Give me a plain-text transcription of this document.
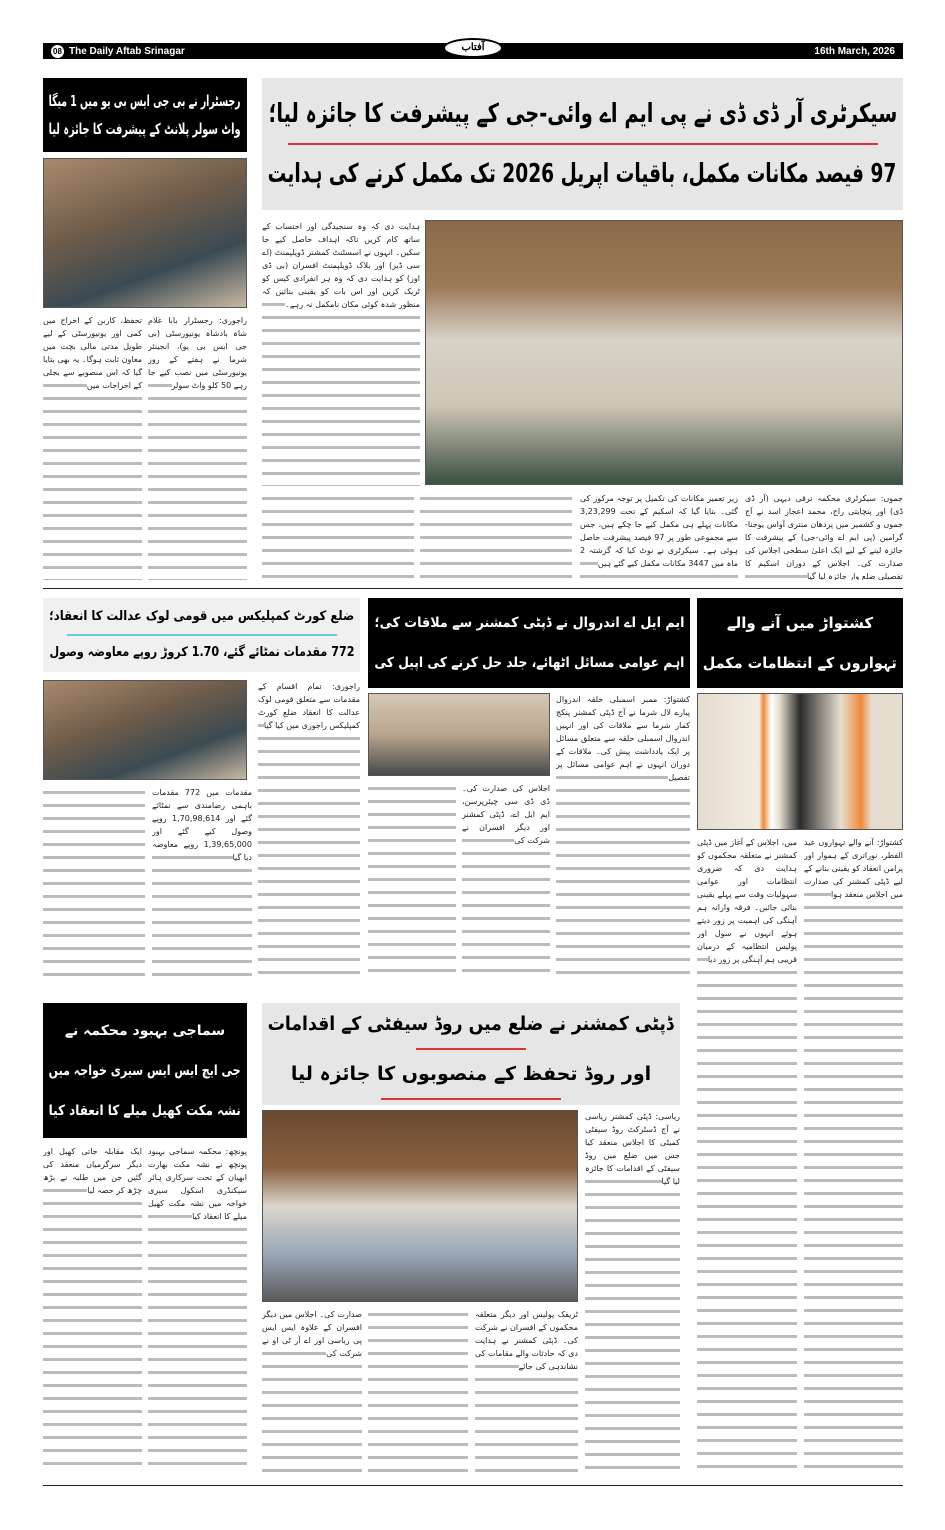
08 The Daily Aftab Srinagar	آفتاب	16th March, 2026
رجسٹرار نے بی جی ایس بی یو میں 1 میگا
واٹ سولر پلانٹ کے پیشرفت کا جائزہ لیا
راجوری: رجسٹرار بابا غلام شاہ بادشاہ یونیورسٹی (بی جی ایس بی یو)، انجینئر شرما نے ہفتے کے روز یونیورسٹی میں نصب کیے جا رہے 50 کلو واٹ سولر
تحفظ، کاربن کے اخراج میں کمی اور یونیورسٹی کے لیے طویل مدتی مالی بچت میں معاون ثابت ہوگا۔ یہ بھی بتایا گیا کہ اس منصوبے سے بجلی کے اخراجات میں
سیکرٹری آر ڈی ڈی نے پی ایم اے وائی-جی کے پیشرفت کا جائزہ لیا؛
97 فیصد مکانات مکمل، باقیات اپریل 2026 تک مکمل کرنے کی ہدایت
ہدایت دی کہ وہ سنجیدگی اور احتساب کے ساتھ کام کریں تاکہ اہداف حاصل کیے جا سکیں۔ انہوں نے اسسٹنٹ کمشنر ڈویلپمنٹ (اے سی ڈیز) اور بلاک ڈویلپمنٹ افسران (بی ڈی اوز) کو ہدایت دی کہ وہ ہر انفرادی کیس کو ٹریک کریں اور اس بات کو یقینی بنائیں کہ منظور شدہ کوئی مکان نامکمل نہ رہے۔
جموں: سیکرٹری محکمہ ترقی دیہی (آر ڈی ڈی) اور پنچایتی راج، محمد اعجاز اسد نے آج جموں و کشمیر میں پردھان منتری آواس یوجنا-گرامین (پی ایم اے وائی-جی) کے پیشرفت کا جائزہ لینے کے لیے ایک اعلیٰ سطحی اجلاس کی صدارت کی۔ اجلاس کے دوران اسکیم کا تفصیلی ضلع وار جائزہ لیا گیا
زیر تعمیر مکانات کی تکمیل پر توجہ مرکوز کی گئی۔ بتایا گیا کہ اسکیم کے تحت 3,23,299 مکانات پہلے ہی مکمل کیے جا چکے ہیں، جس سے مجموعی طور پر 97 فیصد پیشرفت حاصل ہوئی ہے۔ سیکرٹری نے نوٹ کیا کہ گزشتہ 2 ماہ میں 3447 مکانات مکمل کیے گئے ہیں
ضلع کورٹ کمپلیکس میں قومی لوک عدالت کا انعقاد؛
772 مقدمات نمٹائے گئے، 1.70 کروڑ روپے معاوضہ وصول
راجوری: تمام اقسام کے مقدمات سے متعلق قومی لوک عدالت کا انعقاد ضلع کورٹ کمپلیکس راجوری میں کیا گیا
مقدمات میں 772 مقدمات باہمی رضامندی سے نمٹائے گئے اور 1,70,98,614 روپے وصول کیے گئے اور 1,39,65,000 روپے معاوضہ دیا گیا
ایم ایل اے اندروال نے ڈپٹی کمشنر سے ملاقات کی؛
اہم عوامی مسائل اٹھائے، جلد حل کرنے کی اپیل کی
کشتواڑ: ممبر اسمبلی حلقہ اندروال پیارے لال شرما نے آج ڈپٹی کمشنر پنکج کمار شرما سے ملاقات کی اور انہیں اندروال اسمبلی حلقہ سے متعلق مسائل پر ایک یادداشت پیش کی۔ ملاقات کے دوران انہوں نے اہم عوامی مسائل پر تفصیل
اجلاس کی صدارت کی۔ ڈی ڈی سی چیئرپرسن، ایم ایل اے، ڈپٹی کمشنر اور دیگر افسران نے شرکت کی
کشتواڑ میں آنے والے
تہواروں کے انتظامات مکمل
کشتواڑ: آنے والے تہواروں عید الفطر، نوراتری کے ہموار اور پرامن انعقاد کو یقینی بنانے کے لیے ڈپٹی کمشنر کی صدارت میں اجلاس منعقد ہوا
میں، اجلاس کے آغاز میں ڈپٹی کمشنر نے متعلقہ محکموں کو ہدایت دی کہ ضروری انتظامات اور عوامی سہولیات وقت سے پہلے یقینی بنائی جائیں۔ فرقہ وارانہ ہم آہنگی کی اہمیت پر زور دیتے ہوئے انہوں نے سول اور پولیس انتظامیہ کے درمیان قریبی ہم آہنگی پر زور دیا
سماجی بہبود محکمہ نے
جی ایچ ایس ایس سیری خواجہ میں
نشہ مکت کھیل میلے کا انعقاد کیا
پونچھ: محکمہ سماجی بہبود پونچھ نے نشہ مکت بھارت ابھیان کے تحت سرکاری ہائر سیکنڈری اسکول سیری خواجہ میں نشہ مکت کھیل میلے کا انعقاد کیا
ایک مقابلہ جاتی کھیل اور دیگر سرگرمیاں منعقد کی گئیں جن میں طلبہ نے بڑھ چڑھ کر حصہ لیا
ڈپٹی کمشنر نے ضلع میں روڈ سیفٹی کے اقدامات
اور روڈ تحفظ کے منصوبوں کا جائزہ لیا
ریاسی: ڈپٹی کمشنر ریاسی نے آج ڈسٹرکٹ روڈ سیفٹی کمیٹی کا اجلاس منعقد کیا جس میں ضلع میں روڈ سیفٹی کے اقدامات کا جائزہ لیا گیا
ٹریفک پولیس اور دیگر متعلقہ محکموں کے افسران نے شرکت کی۔ ڈپٹی کمشنر نے ہدایت دی کہ حادثات والے مقامات کی نشاندہی کی جائے
صدارت کی۔ اجلاس میں دیگر افسران کے علاوہ ایس ایس پی ریاسی اور اے آر ٹی او نے شرکت کی
